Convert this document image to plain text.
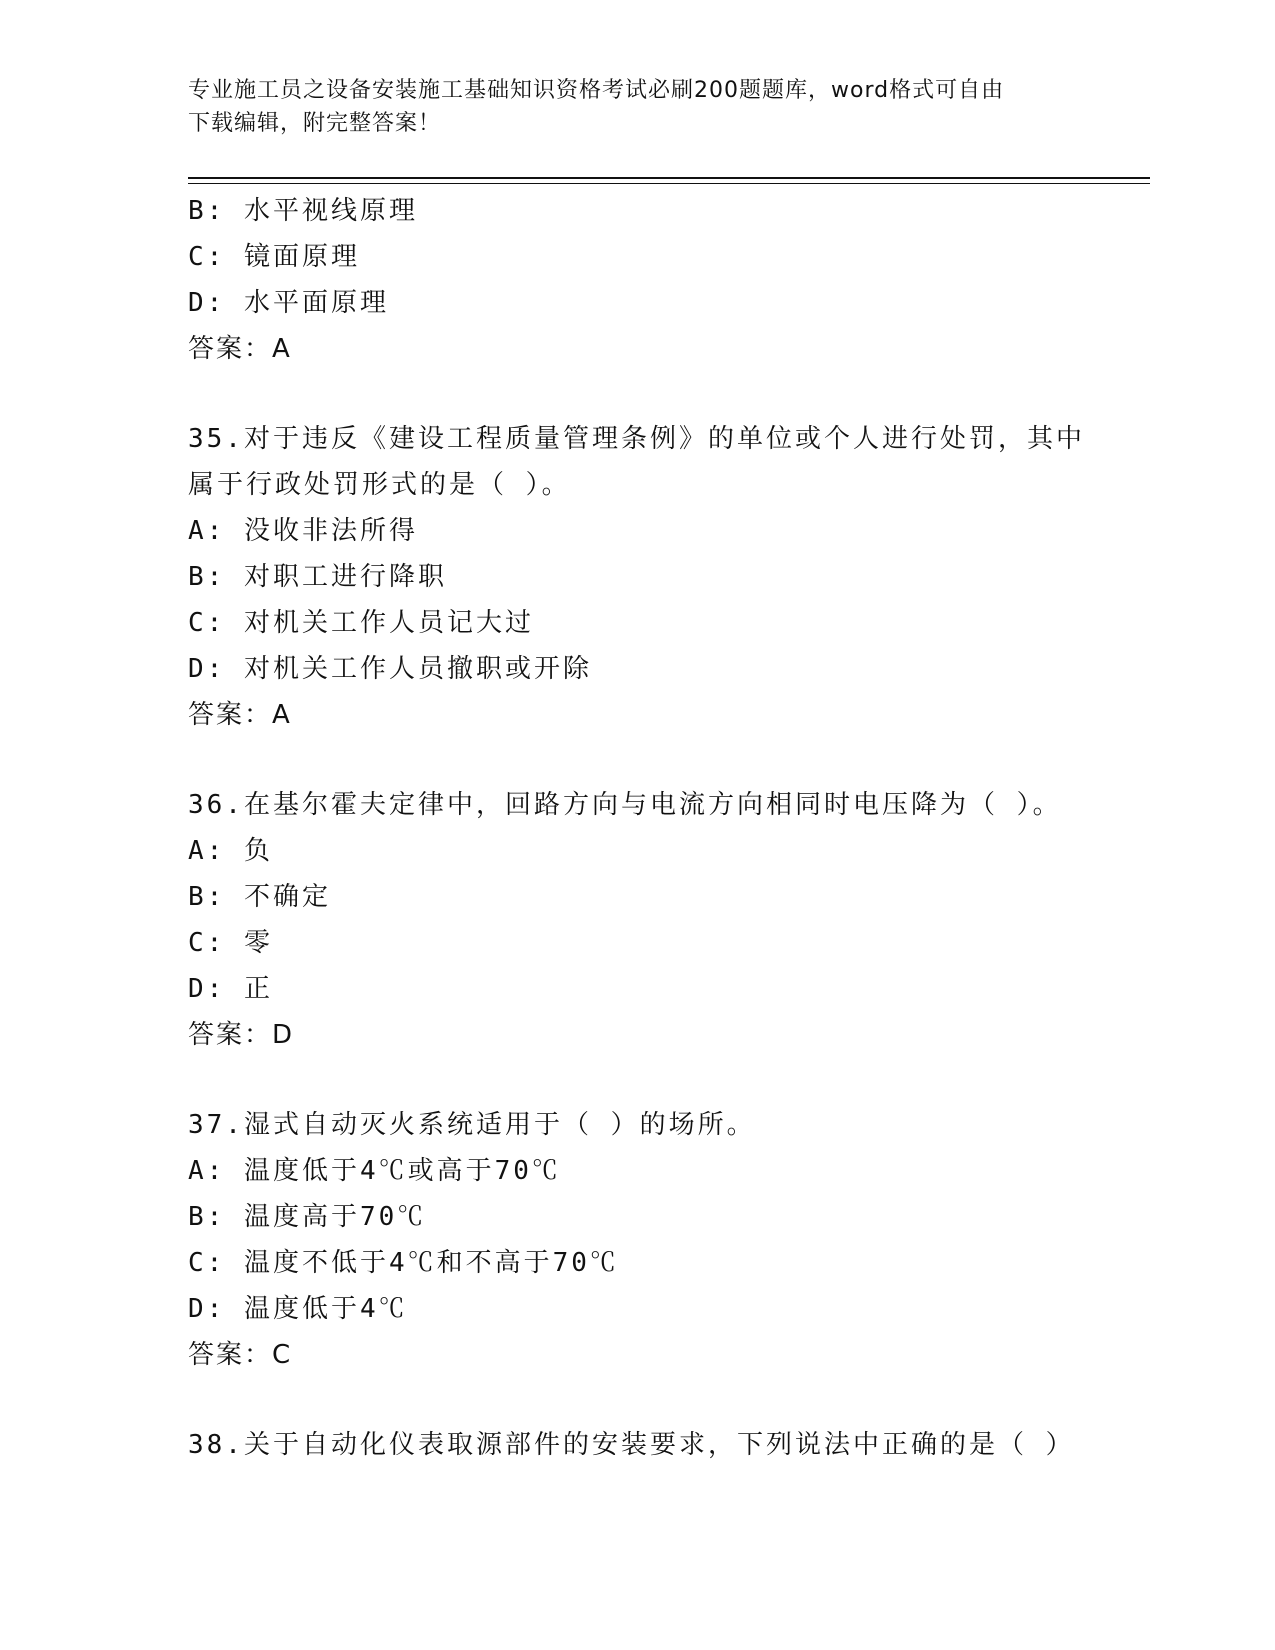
专业施工员之设备安装施工基础知识资格考试必刷200题题库，word格式可自由
下载编辑，附完整答案！
B: 水平视线原理
C: 镜面原理
D: 水平面原理
答案：A
35.对于违反《建设工程质量管理条例》的单位或个人进行处罚，其中
属于行政处罚形式的是（ ）。
A: 没收非法所得
B: 对职工进行降职
C: 对机关工作人员记大过
D: 对机关工作人员撤职或开除
答案：A
36.在基尔霍夫定律中，回路方向与电流方向相同时电压降为（ ）。
A: 负
B: 不确定
C: 零
D: 正
答案：D
37.湿式自动灭火系统适用于（ ）的场所。
A: 温度低于4℃或高于70℃
B: 温度高于70℃
C: 温度不低于4℃和不高于70℃
D: 温度低于4℃
答案：C
38.关于自动化仪表取源部件的安装要求，下列说法中正确的是（ ）
